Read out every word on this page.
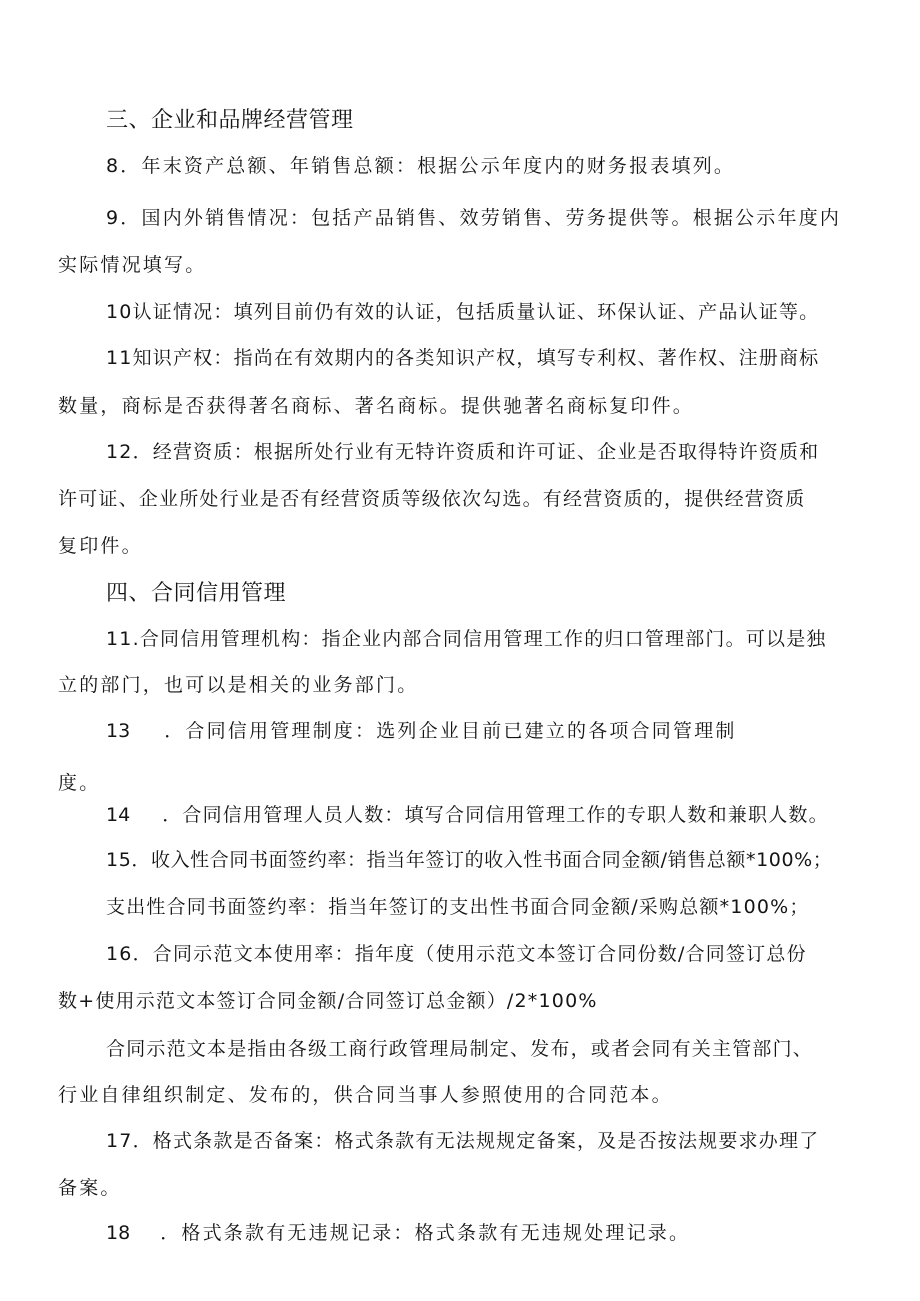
三、企业和品牌经营管理

8．年末资产总额、年销售总额：根据公示年度内的财务报表填列。

9．国内外销售情况：包括产品销售、效劳销售、劳务提供等。根据公示年度内

实际情况填写。

10认证情况：填列目前仍有效的认证，包括质量认证、环保认证、产品认证等。

11知识产权：指尚在有效期内的各类知识产权，填写专利权、著作权、注册商标

数量，商标是否获得著名商标、著名商标。提供驰著名商标复印件。

12．经营资质：根据所处行业有无特许资质和许可证、企业是否取得特许资质和

许可证、企业所处行业是否有经营资质等级依次勾选。有经营资质的，提供经营资质

复印件。

四、合同信用管理

11.合同信用管理机构：指企业内部合同信用管理工作的归口管理部门。可以是独

立的部门，也可以是相关的业务部门。

13 ．合同信用管理制度：选列企业目前已建立的各项合同管理制

度。

14 ．合同信用管理人员人数：填写合同信用管理工作的专职人数和兼职人数。

15．收入性合同书面签约率：指当年签订的收入性书面合同金额/销售总额*100%；

支出性合同书面签约率：指当年签订的支出性书面合同金额/采购总额*100%；

16．合同示范文本使用率：指年度（使用示范文本签订合同份数/合同签订总份

数+使用示范文本签订合同金额/合同签订总金额）/2*100%

合同示范文本是指由各级工商行政管理局制定、发布，或者会同有关主管部门、

行业自律组织制定、发布的，供合同当事人参照使用的合同范本。

17．格式条款是否备案：格式条款有无法规规定备案，及是否按法规要求办理了

备案。

18 ．格式条款有无违规记录：格式条款有无违规处理记录。
